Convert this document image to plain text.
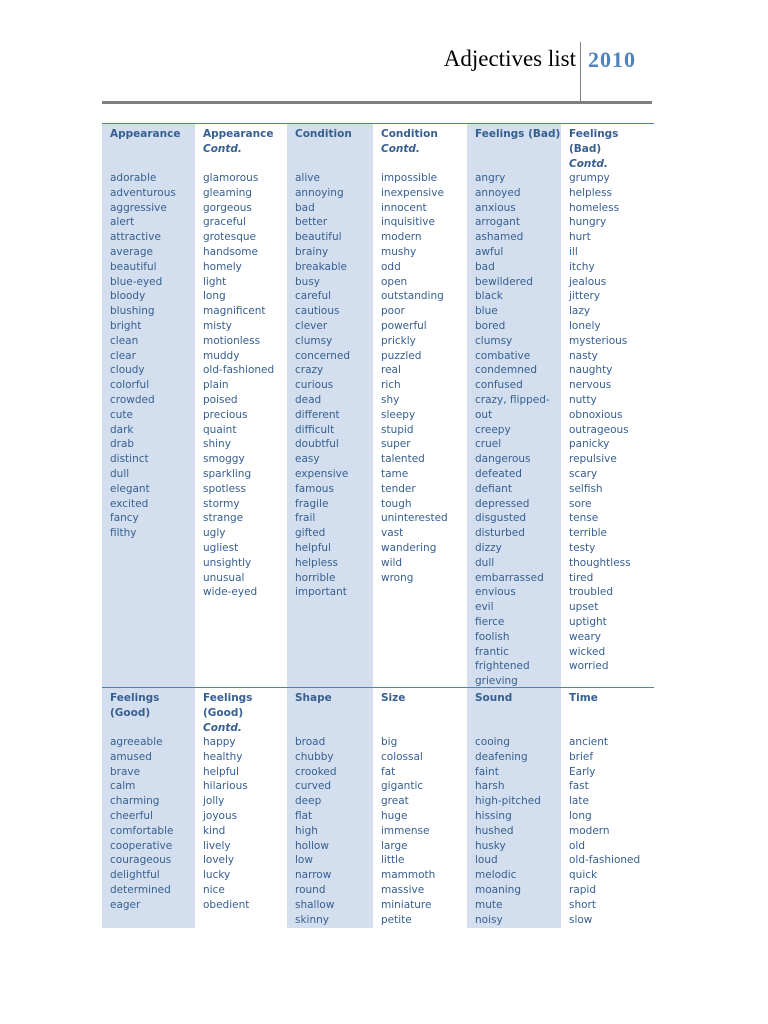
Adjectives list 2010
Appearance
adorable
adventurous
aggressive
alert
attractive
average
beautiful
blue-eyed
bloody
blushing
bright
clean
clear
cloudy
colorful
crowded
cute
dark
drab
distinct
dull
elegant
excited
fancy
filthy
Appearance
Contd.
glamorous
gleaming
gorgeous
graceful
grotesque
handsome
homely
light
long
magnificent
misty
motionless
muddy
old-fashioned
plain
poised
precious
quaint
shiny
smoggy
sparkling
spotless
stormy
strange
ugly
ugliest
unsightly
unusual
wide-eyed
Condition
alive
annoying
bad
better
beautiful
brainy
breakable
busy
careful
cautious
clever
clumsy
concerned
crazy
curious
dead
different
difficult
doubtful
easy
expensive
famous
fragile
frail
gifted
helpful
helpless
horrible
important
Condition
Contd.
impossible
inexpensive
innocent
inquisitive
modern
mushy
odd
open
outstanding
poor
powerful
prickly
puzzled
real
rich
shy
sleepy
stupid
super
talented
tame
tender
tough
uninterested
vast
wandering
wild
wrong
Feelings (Bad)
angry
annoyed
anxious
arrogant
ashamed
awful
bad
bewildered
black
blue
bored
clumsy
combative
condemned
confused
crazy, flipped-out
creepy
cruel
dangerous
defeated
defiant
depressed
disgusted
disturbed
dizzy
dull
embarrassed
envious
evil
fierce
foolish
frantic
frightened
grieving
Feelings (Bad)
Contd.
grumpy
helpless
homeless
hungry
hurt
ill
itchy
jealous
jittery
lazy
lonely
mysterious
nasty
naughty
nervous
nutty
obnoxious
outrageous
panicky
repulsive
scary
selfish
sore
tense
terrible
testy
thoughtless
tired
troubled
upset
uptight
weary
wicked
worried
Feelings (Good)
agreeable
amused
brave
calm
charming
cheerful
comfortable
cooperative
courageous
delightful
determined
eager
Feelings (Good)
Contd.
happy
healthy
helpful
hilarious
jolly
joyous
kind
lively
lovely
lucky
nice
obedient
Shape
broad
chubby
crooked
curved
deep
flat
high
hollow
low
narrow
round
shallow
skinny
Size
big
colossal
fat
gigantic
great
huge
immense
large
little
mammoth
massive
miniature
petite
Sound
cooing
deafening
faint
harsh
high-pitched
hissing
hushed
husky
loud
melodic
moaning
mute
noisy
Time
ancient
brief
Early
fast
late
long
modern
old
old-fashioned
quick
rapid
short
slow
